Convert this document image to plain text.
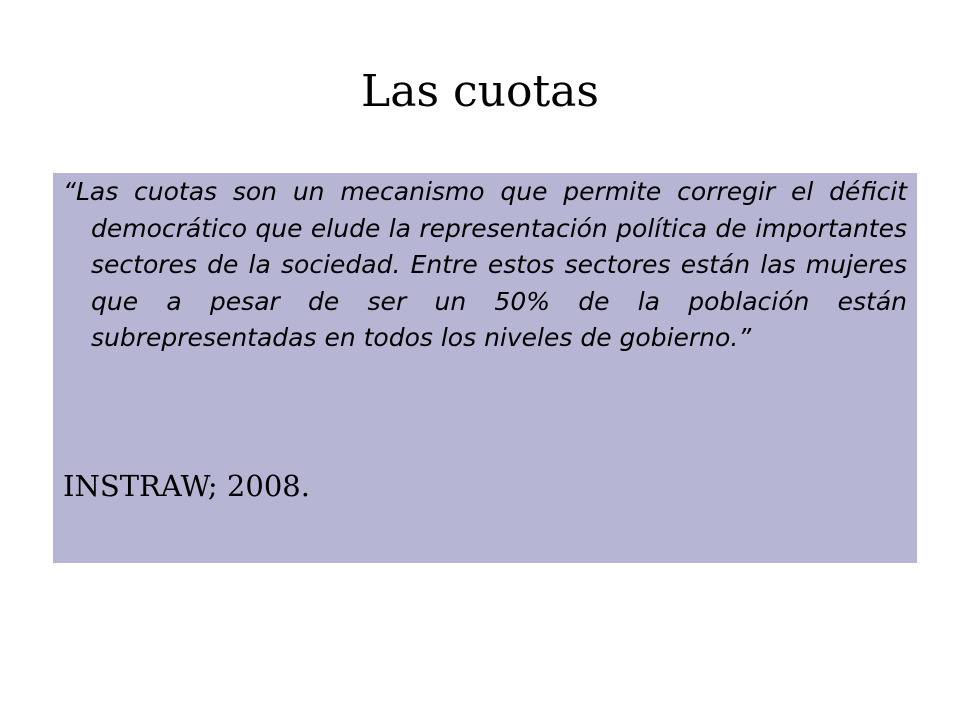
Las cuotas

“Las cuotas son un mecanismo que permite corregir el déficit democrático que elude la representación política de importantes sectores de la sociedad. Entre estos sectores están las mujeres que a pesar de ser un 50% de la población están subrepresentadas en todos los niveles de gobierno.”

INSTRAW; 2008.
